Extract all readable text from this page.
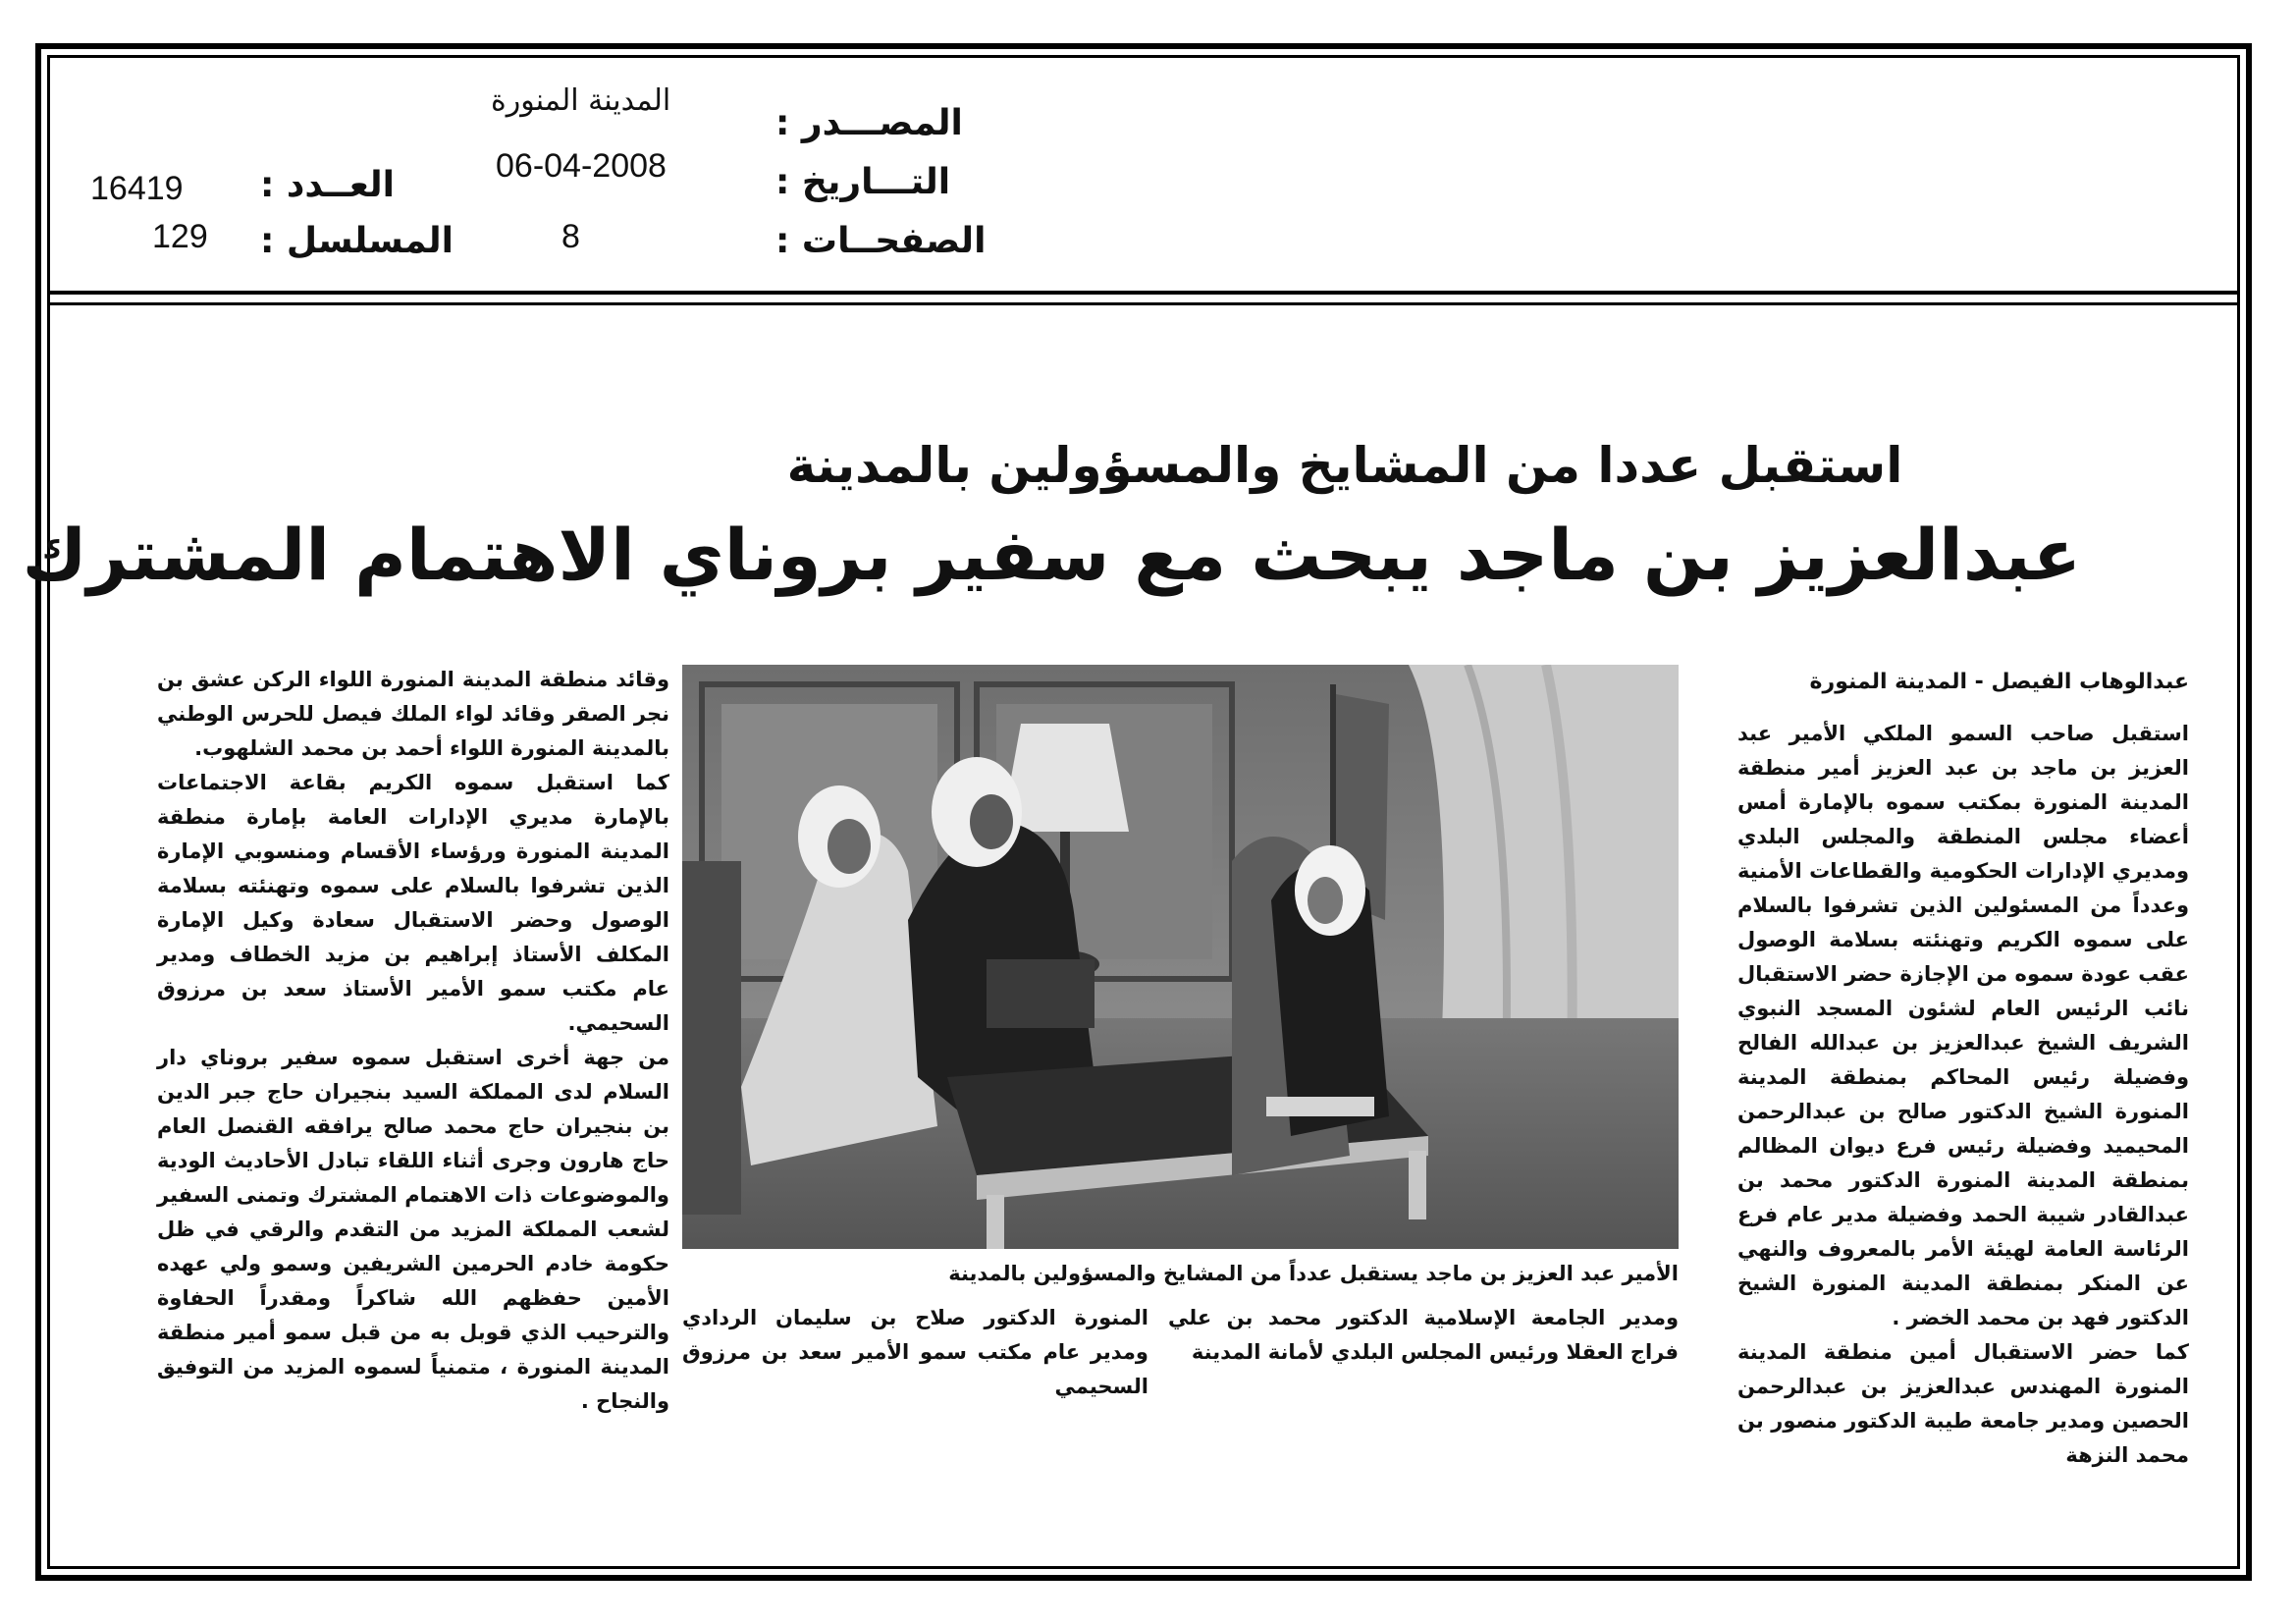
المصـــدر :
المدينة المنورة
التـــاريخ :
06-04-2008
الصفحــات :
8
العــدد :
16419
المسلسل :
129
استقبل عددا من المشايخ والمسؤولين بالمدينة
عبدالعزيز بن ماجد يبحث مع سفير بروناي الاهتمام المشترك
عبدالوهاب الفيصل - المدينة المنورة

استقبل صاحب السمو الملكي الأمير عبد العزيز بن ماجد بن عبد العزيز أمير منطقة المدينة المنورة بمكتب سموه بالإمارة أمس أعضاء مجلس المنطقة والمجلس البلدي ومديري الإدارات الحكومية والقطاعات الأمنية وعدداً من المسئولين الذين تشرفوا بالسلام على سموه الكريم وتهنئته بسلامة الوصول عقب عودة سموه من الإجازة حضر الاستقبال نائب الرئيس العام لشئون المسجد النبوي الشريف الشيخ عبدالعزيز بن عبدالله الفالح وفضيلة رئيس المحاكم بمنطقة المدينة المنورة الشيخ الدكتور صالح بن عبدالرحمن المحيميد وفضيلة رئيس فرع ديوان المظالم بمنطقة المدينة المنورة الدكتور محمد بن عبدالقادر شيبة الحمد وفضيلة مدير عام فرع الرئاسة العامة لهيئة الأمر بالمعروف والنهي عن المنكر بمنطقة المدينة المنورة الشيخ الدكتور فهد بن محمد الخضر .

كما حضر الاستقبال أمين منطقة المدينة المنورة المهندس عبدالعزيز بن عبدالرحمن الحصين ومدير جامعة طيبة الدكتور منصور بن محمد النزهة

الأمير عبد العزيز بن ماجد يستقبل عدداً من المشايخ والمسؤولين بالمدينة
ومدير الجامعة الإسلامية الدكتور محمد بن علي فراج العقلا ورئيس المجلس البلدي لأمانة المدينة
المنورة الدكتور صلاح بن سليمان الردادي ومدير عام مكتب سمو الأمير سعد بن مرزوق السحيمي

وقائد منطقة المدينة المنورة اللواء الركن عشق بن نجر الصقر وقائد لواء الملك فيصل للحرس الوطني بالمدينة المنورة اللواء أحمد بن محمد الشلهوب.

كما استقبل سموه الكريم بقاعة الاجتماعات بالإمارة مديري الإدارات العامة بإمارة منطقة المدينة المنورة ورؤساء الأقسام ومنسوبي الإمارة الذين تشرفوا بالسلام على سموه وتهنئته بسلامة الوصول وحضر الاستقبال سعادة وكيل الإمارة المكلف الأستاذ إبراهيم بن مزيد الخطاف ومدير عام مكتب سمو الأمير الأستاذ سعد بن مرزوق السحيمي.

من جهة أخرى استقبل سموه سفير بروناي دار السلام لدى المملكة السيد بنجيران حاج جبر الدين بن بنجيران حاج محمد صالح يرافقه القنصل العام حاج هارون وجرى أثناء اللقاء تبادل الأحاديث الودية والموضوعات ذات الاهتمام المشترك وتمنى السفير لشعب المملكة المزيد من التقدم والرقي في ظل حكومة خادم الحرمين الشريفين وسمو ولي عهده الأمين حفظهم الله شاكراً ومقدراً الحفاوة والترحيب الذي قوبل به من قبل سمو أمير منطقة المدينة المنورة ، متمنياً لسموه المزيد من التوفيق والنجاح .
